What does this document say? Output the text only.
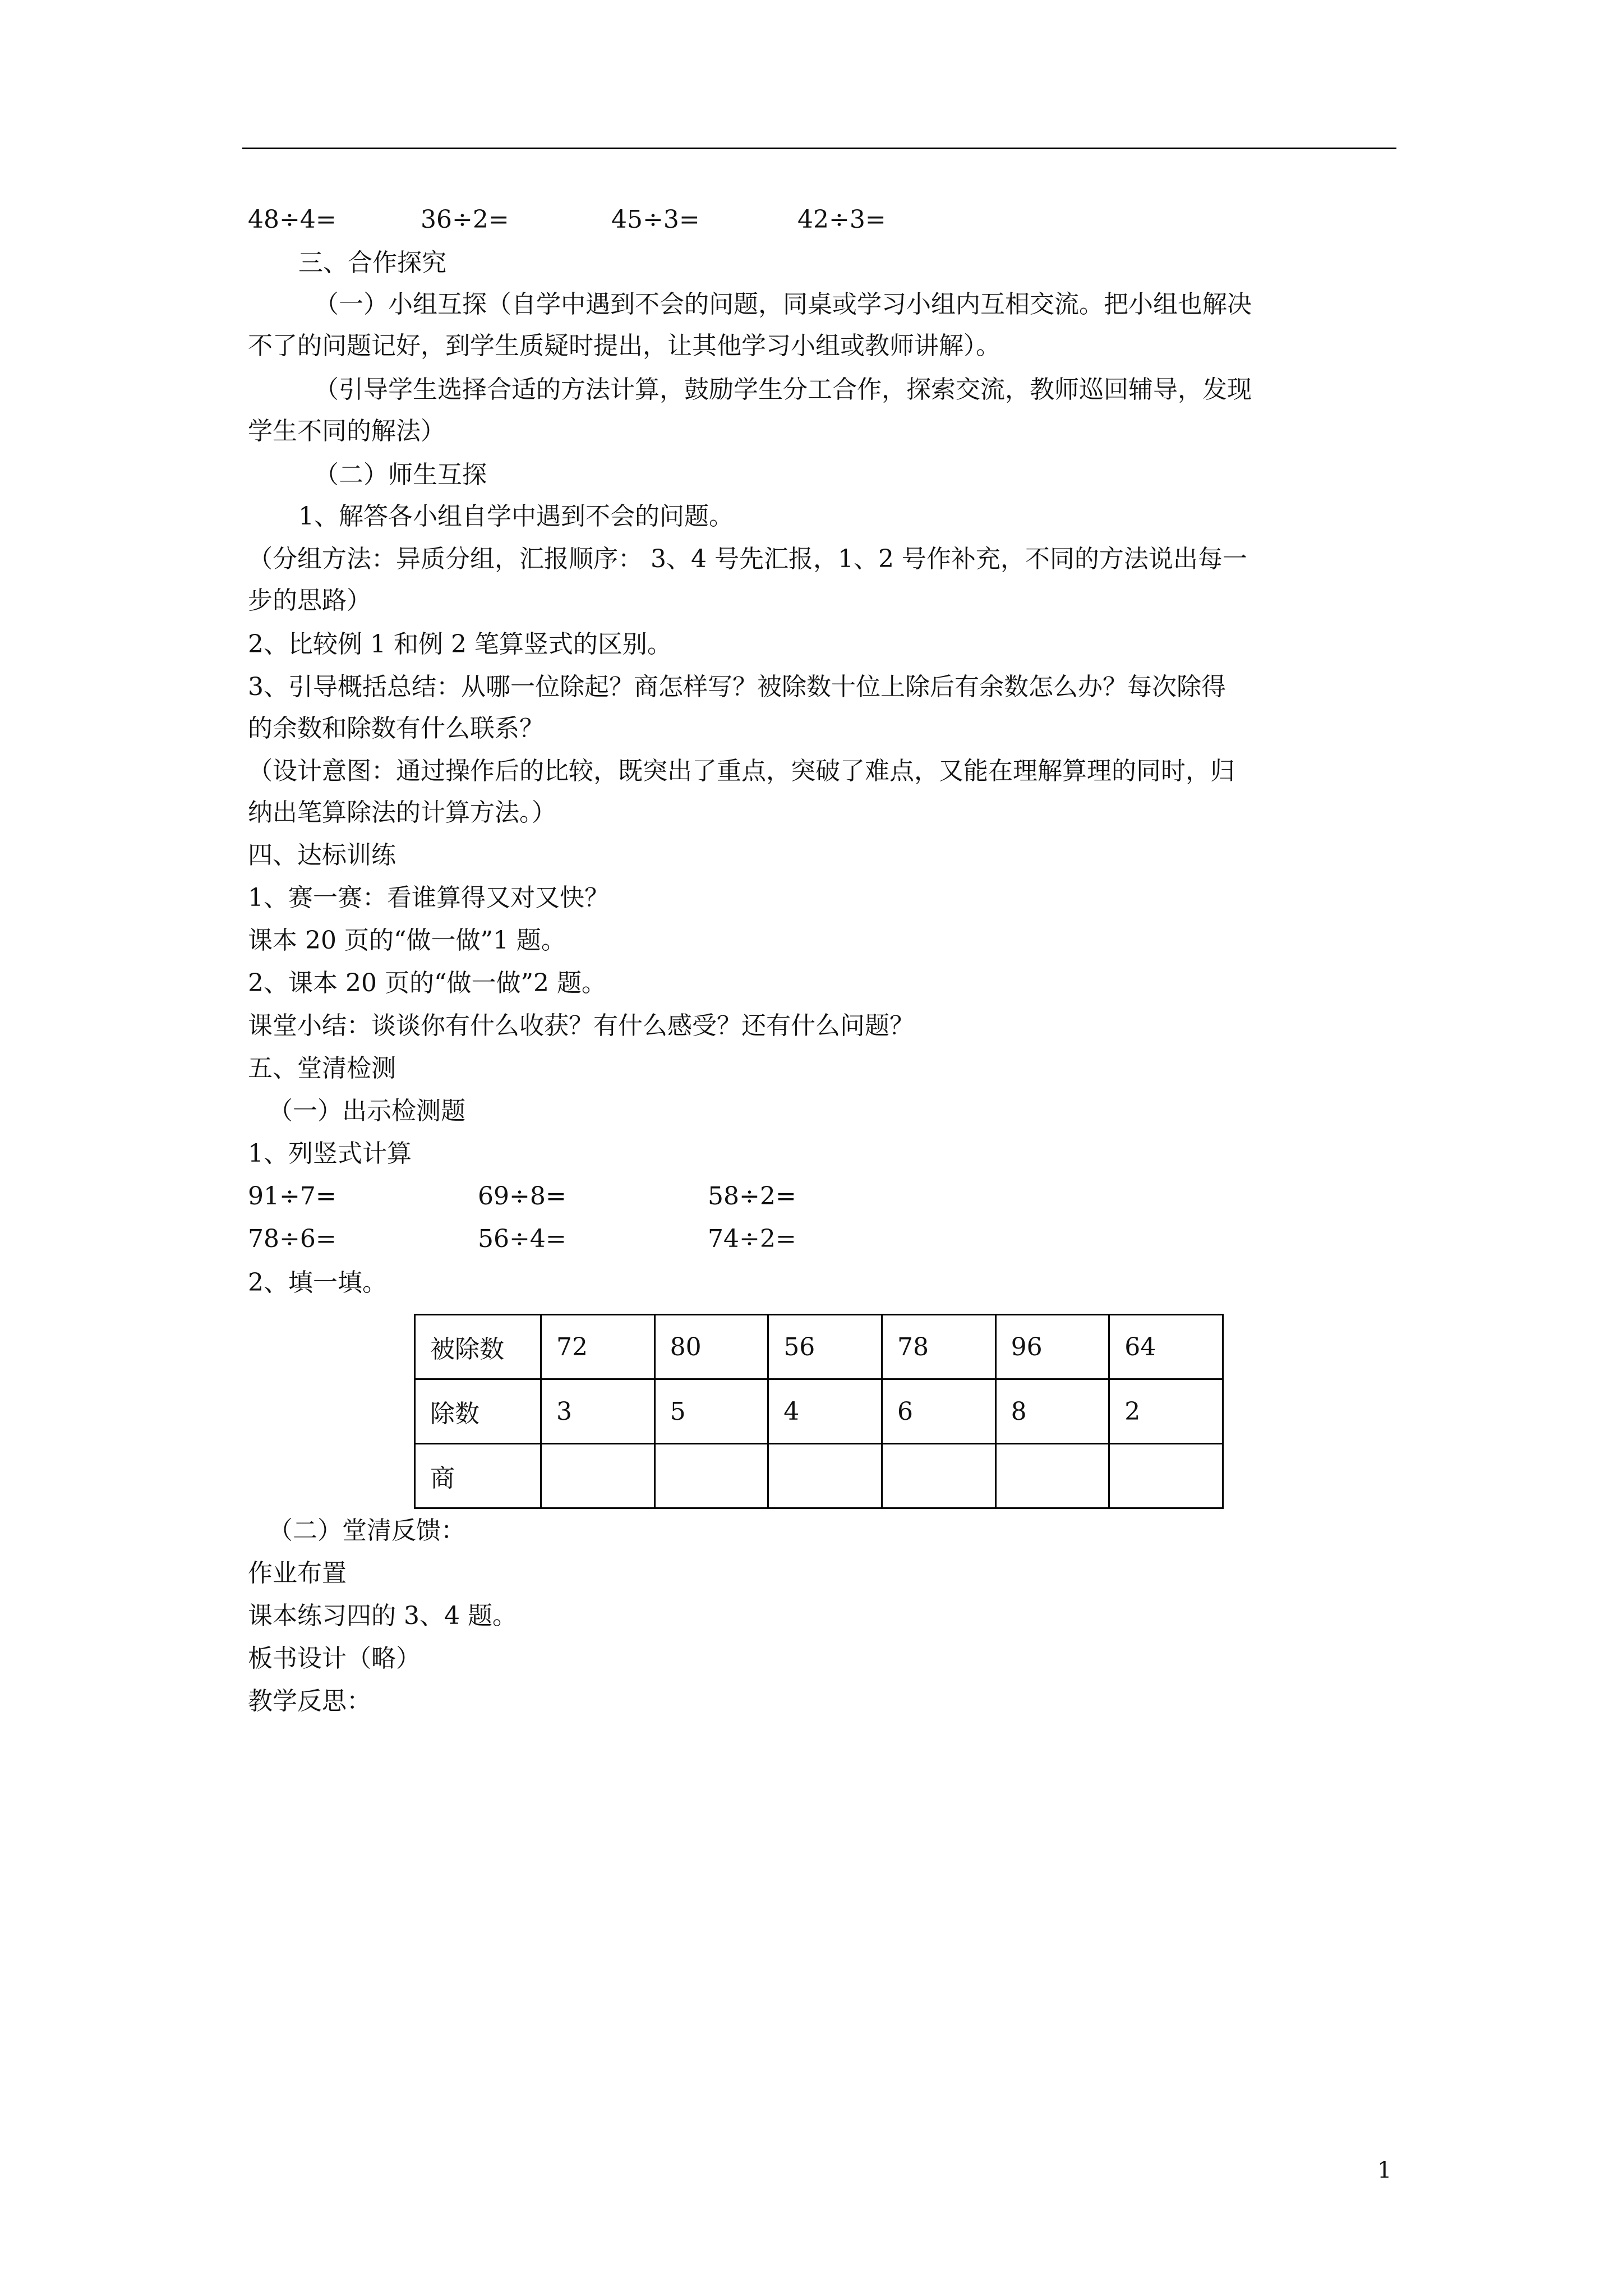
48÷4=	36÷2=	45÷3=	42÷3=
三、合作探究
（一）小组互探（自学中遇到不会的问题，同桌或学习小组内互相交流。把小组也解决
不了的问题记好，到学生质疑时提出，让其他学习小组或教师讲解）。
（引导学生选择合适的方法计算，鼓励学生分工合作，探索交流，教师巡回辅导，发现
学生不同的解法）
（二）师生互探
1、解答各小组自学中遇到不会的问题。
（分组方法：异质分组，汇报顺序： 3、4 号先汇报，1、2 号作补充，不同的方法说出每一
步的思路）
2、比较例 1 和例 2 笔算竖式的区别。
3、引导概括总结：从哪一位除起？商怎样写？被除数十位上除后有余数怎么办？每次除得
的余数和除数有什么联系？
（设计意图：通过操作后的比较，既突出了重点，突破了难点，又能在理解算理的同时，归
纳出笔算除法的计算方法。）
四、达标训练
1、赛一赛：看谁算得又对又快？
课本 20 页的“做一做”1 题。
2、课本 20 页的“做一做”2 题。
课堂小结：谈谈你有什么收获？有什么感受？还有什么问题？
五、堂清检测
（一）出示检测题
1、列竖式计算
91÷7=	69÷8=	58÷2=
78÷6=	56÷4=	74÷2=
2、填一填。
被除数	72	80	56	78	96	64
除数	3	5	4	6	8	2
商						
（二）堂清反馈：
作业布置
课本练习四的 3、4 题。
板书设计（略）
教学反思：
1
